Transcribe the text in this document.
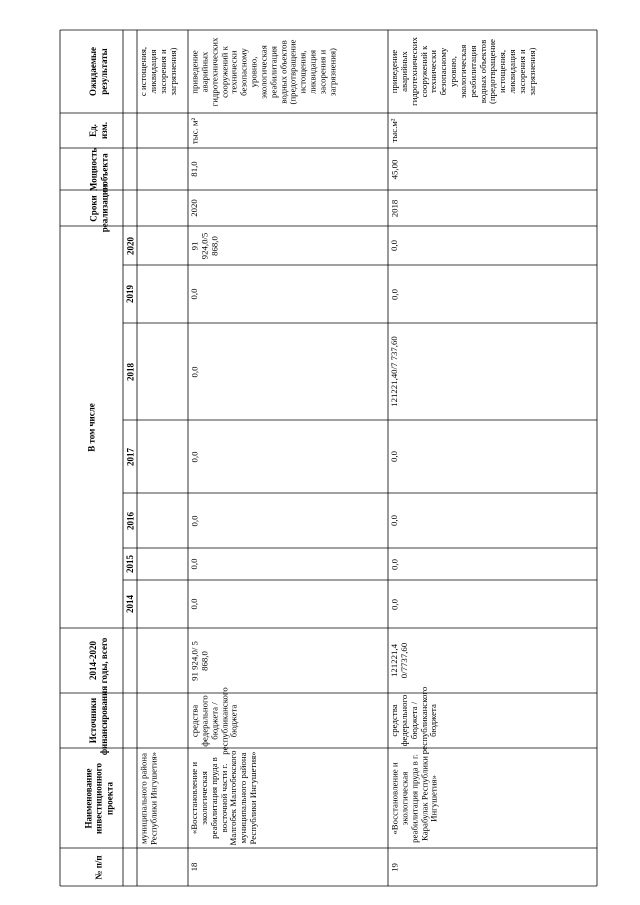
№ п/п
Наименование инвестиционного проекта
Источники финансирования
2014-2020 годы, всего
В том числе
2014
2015
2016
2017
2018
2019
2020
Сроки реализации
Мощность объекта
Ед. изм.
Ожидаемые результаты
муниципального района Республики Ингушетия»
с истощения, ликвидация засорения и загрязнения)
18
«Восстановление и экологическая реабилитация пруда в восточной части г. Малгобек Малгобекского муниципального района Республики Ингушетия»
средства федерального бюджета / республиканского бюджета
91 924,0/ 5 868,0
0,0
0,0
0,0
0,0
0,0
0,0
91 924,0/5 868,0
2020
81,0
тыс. м²
приведение аварийных гидротехнических сооружений к технически безопасному уровню, экологическая реабилитация водных объектов (предотвращение истощения, ликвидация засорения и загрязнения)
19
«Восстановление и экологическая реабилитация пруда в г. Карабулак Республики Ингушетия»
средства федерального бюджета / республиканского бюджета
121221,4 0/7737,60
0,0
0,0
0,0
0,0
121221,40/7 737,60
0,0
0,0
2018
45,00
тыс.м²
приведение аварийных гидротехнических сооружений к технически безопасному уровню, экологическая реабилитация водных объектов (предотвращение истощения, ликвидация засорения и загрязнения)
